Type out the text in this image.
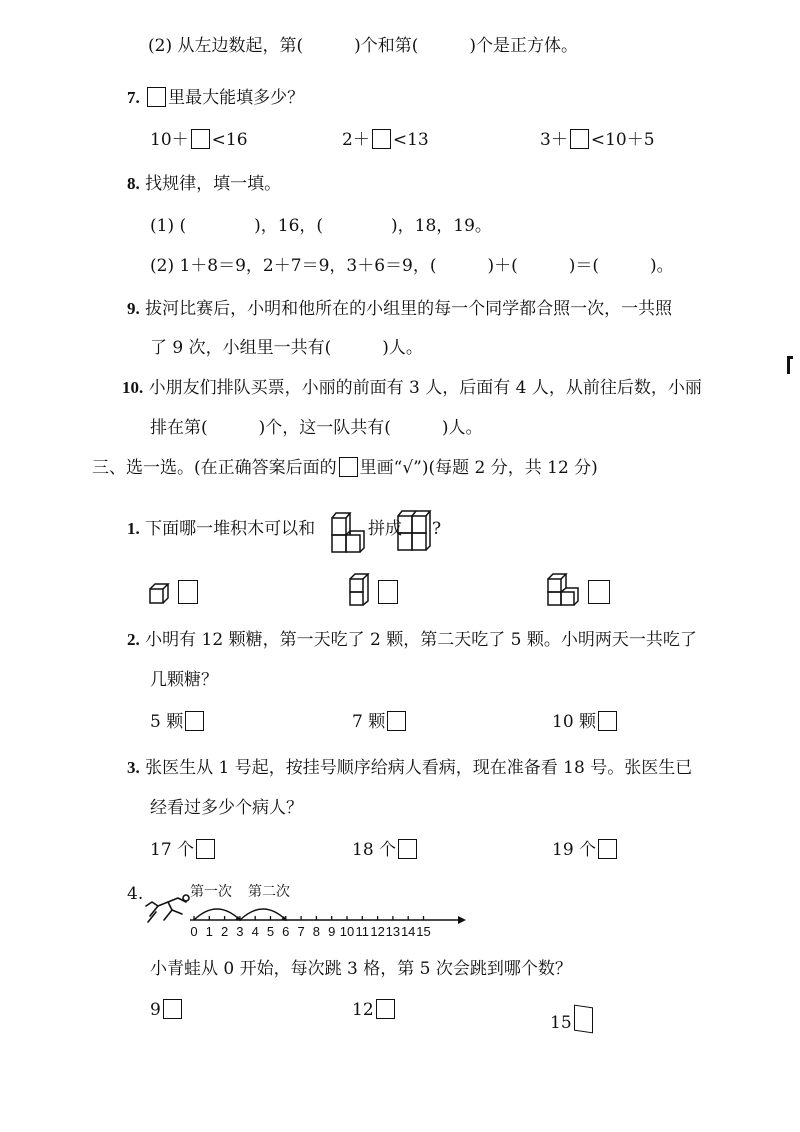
(2) 从左边数起，第(　　　)个和第(　　　)个是正方体。
7. 里最大能填多少？
10＋ <16	2＋ <13	3＋ <10＋5
8. 找规律，填一填。
(1) (　　　　)，16，(　　　　)，18，19。
(2) 1＋8＝9，2＋7＝9，3＋6＝9，(　　　)＋(　　　)＝(　　　)。
9. 拔河比赛后，小明和他所在的小组里的每一个同学都合照一次，一共照
了 9 次，小组里一共有(　　　)人。
10. 小朋友们排队买票，小丽的前面有 3 人，后面有 4 人，从前往后数，小丽
排在第(　　　)个，这一队共有(　　　)人。
三、选一选。(在正确答案后面的 里画“√”)(每题 2 分，共 12 分)
1. 下面哪一堆积木可以和	拼成 ?
2. 小明有 12 颗糖，第一天吃了 2 颗，第二天吃了 5 颗。小明两天一共吃了
几颗糖？
5 颗	7 颗	10 颗
3. 张医生从 1 号起，按挂号顺序给病人看病，现在准备看 18 号。张医生已
经看过多少个病人？
17 个	18 个	19 个
4.
0 1 2 3 4 5 6 7 8 9 10 11 12 13 14 15
第一次 第二次
小青蛙从 0 开始，每次跳 3 格，第 5 次会跳到哪个数？
9	12
15
